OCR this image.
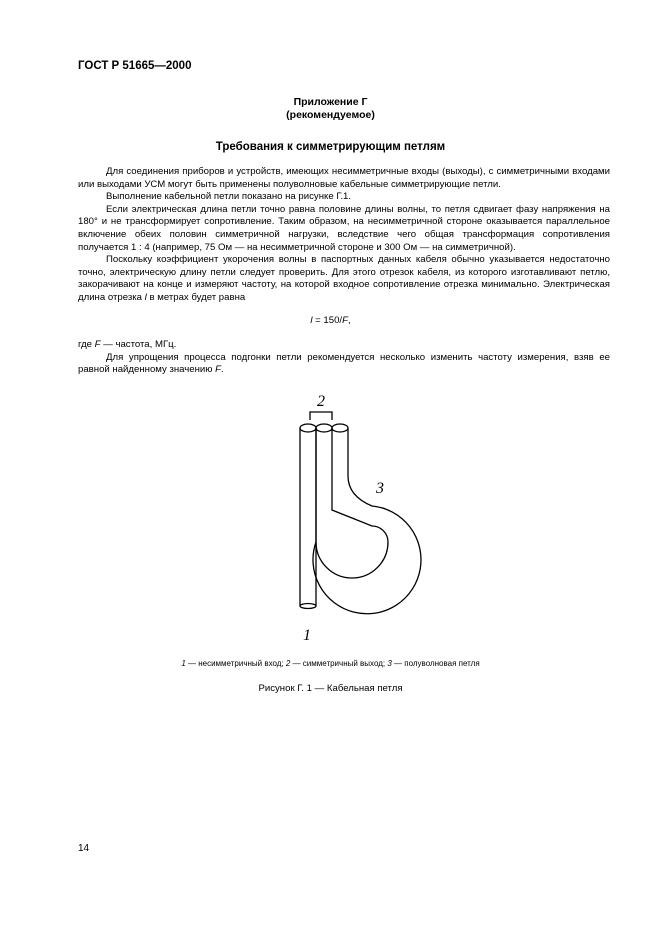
ГОСТ Р 51665—2000
Приложение Г
(рекомендуемое)
Требования к симметрирующим петлям

Для соединения приборов и устройств, имеющих несимметричные входы (выходы), с симметричными входами или выходами УСМ могут быть применены полуволновые кабельные симметрирующие петли.

Выполнение кабельной петли показано на рисунке Г.1.

Если электрическая длина петли точно равна половине длины волны, то петля сдвигает фазу напряжения на 180° и не трансформирует сопротивление. Таким образом, на несимметричной стороне оказывается параллельное включение обеих половин симметричной нагрузки, вследствие чего общая трансформация сопротивления получается 1 : 4 (например, 75 Ом — на несимметричной стороне и 300 Ом — на симметричной).

Поскольку коэффициент укорочения волны в паспортных данных кабеля обычно указывается недостаточно точно, электрическую длину петли следует проверить. Для этого отрезок кабеля, из которого изготавливают петлю, закорачивают на конце и измеряют частоту, на которой входное сопротивление отрезка минимально. Электрическая длина отрезка l в метрах будет равна

l = 150/F,

где F — частота, МГц.

Для упрощения процесса подгонки петли рекомендуется несколько изменить частоту измерения, взяв ее равной найденному значению F.

2
3
1
1 — несимметричный вход; 2 — симметричный выход; 3 — полуволновая петля
Рисунок Г. 1 — Кабельная петля
14
